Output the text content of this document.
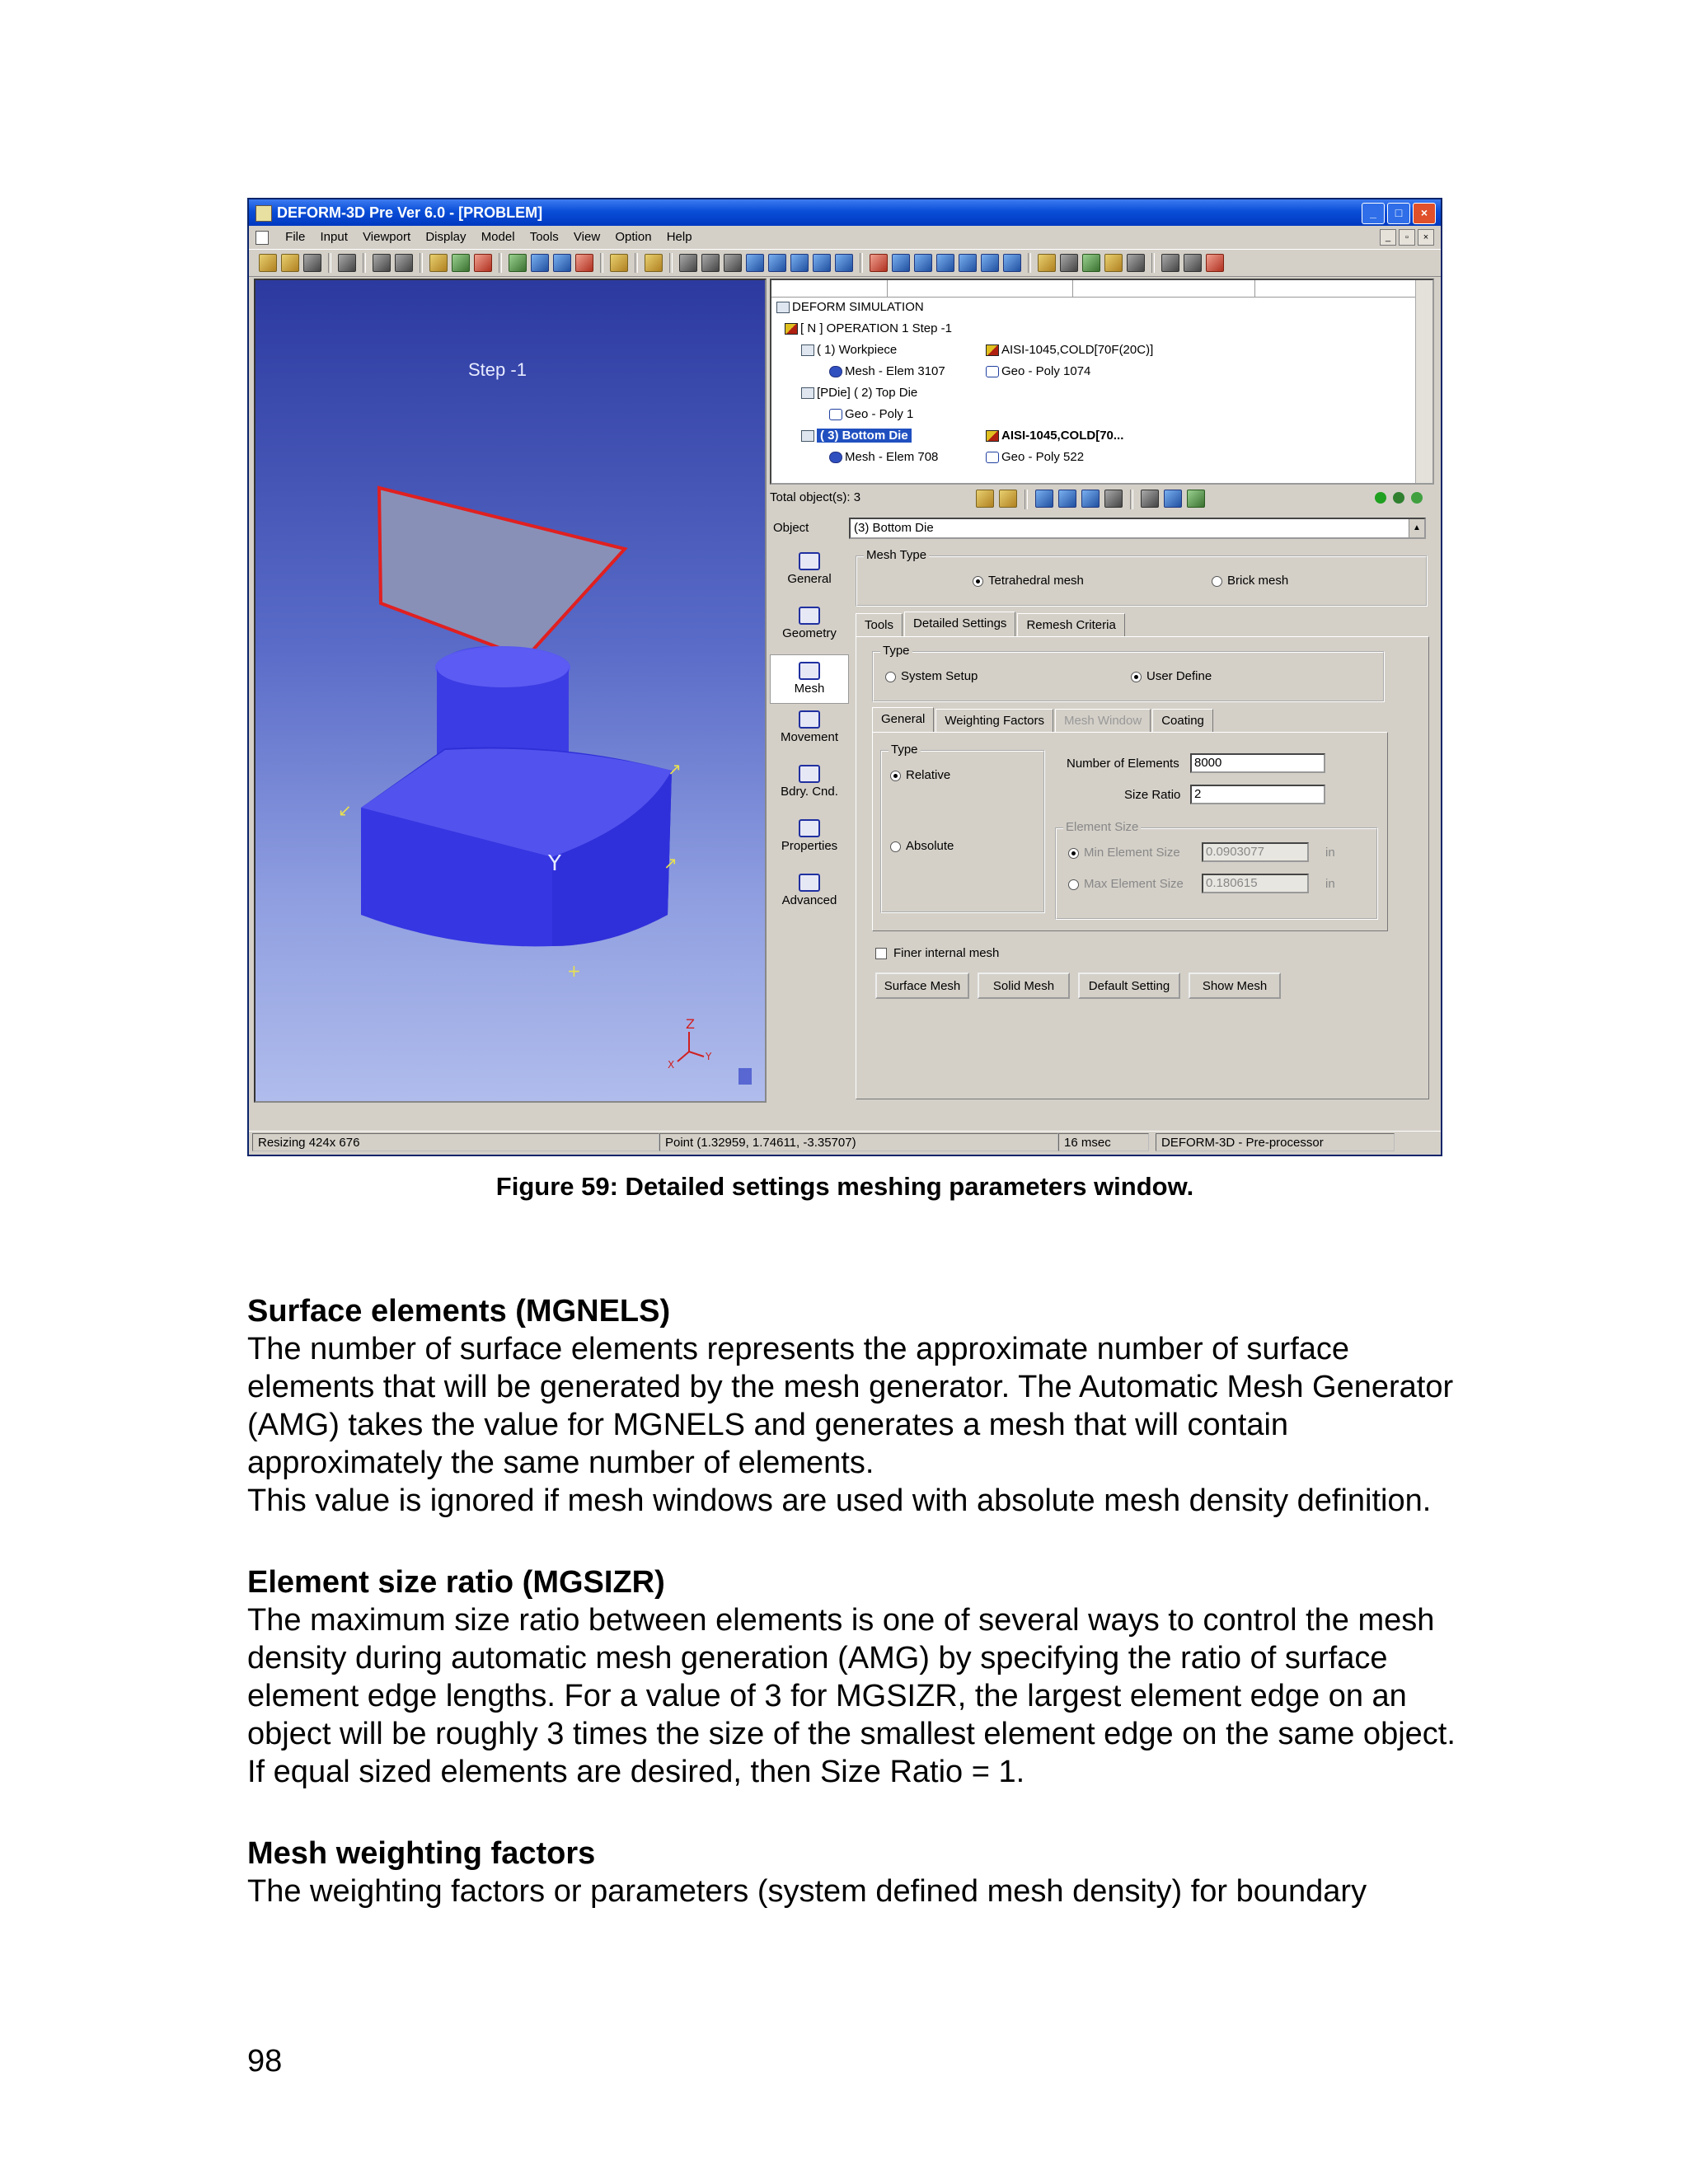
DEFORM-3D Pre Ver 6.0 - [PROBLEM]	_	□	×
File Input Viewport Display Model Tools View Option Help	_	▫	×
Step -1
↗
↙
↗
+
Y
Z
Y
X
DEFORM SIMULATION
[ N ] OPERATION 1 Step -1
( 1) Workpiece	AISI-1045,COLD[70F(20C)]
Mesh - Elem 3107	Geo - Poly 1074
[PDie] ( 2) Top Die
Geo - Poly 1
( 3) Bottom Die	AISI-1045,COLD[70...
Mesh - Elem 708	Geo - Poly 522
Total object(s): 3
Object	(3) Bottom Die	▲

General
Geometry
Mesh
Movement
Bdry. Cnd.
Properties
Advanced
Mesh Type
Tetrahedral mesh	Brick mesh
Tools	Detailed Settings	Remesh Criteria
Type
System Setup	User Define
General	Weighting Factors	Mesh Window	Coating
Type
Relative
Absolute
Number of Elements	8000
Size Ratio	2
Element Size
Min Element Size	0.0903077	in
Max Element Size	0.180615	in
Finer internal mesh
Surface Mesh	Solid Mesh	Default Setting	Show Mesh
Resizing 424x 676	Point (1.32959, 1.74611, -3.35707)	16 msec	DEFORM-3D - Pre-processor
Figure 59: Detailed settings meshing parameters window.
Surface elements (MGNELS)

The number of surface elements represents the approximate number of surface elements that will be generated by the mesh generator. The Automatic Mesh Generator (AMG) takes the value for MGNELS and generates a mesh that will contain approximately the same number of elements.

This value is ignored if mesh windows are used with absolute mesh density definition.

Element size ratio (MGSIZR)

The maximum size ratio between elements is one of several ways to control the mesh density during automatic mesh generation (AMG) by specifying the ratio of surface element edge lengths. For a value of 3 for MGSIZR, the largest element edge on an object will be roughly 3 times the size of the smallest element edge on the same object. If equal sized elements are desired, then Size Ratio = 1.

Mesh weighting factors

The weighting factors or parameters (system defined mesh density) for boundary

98
